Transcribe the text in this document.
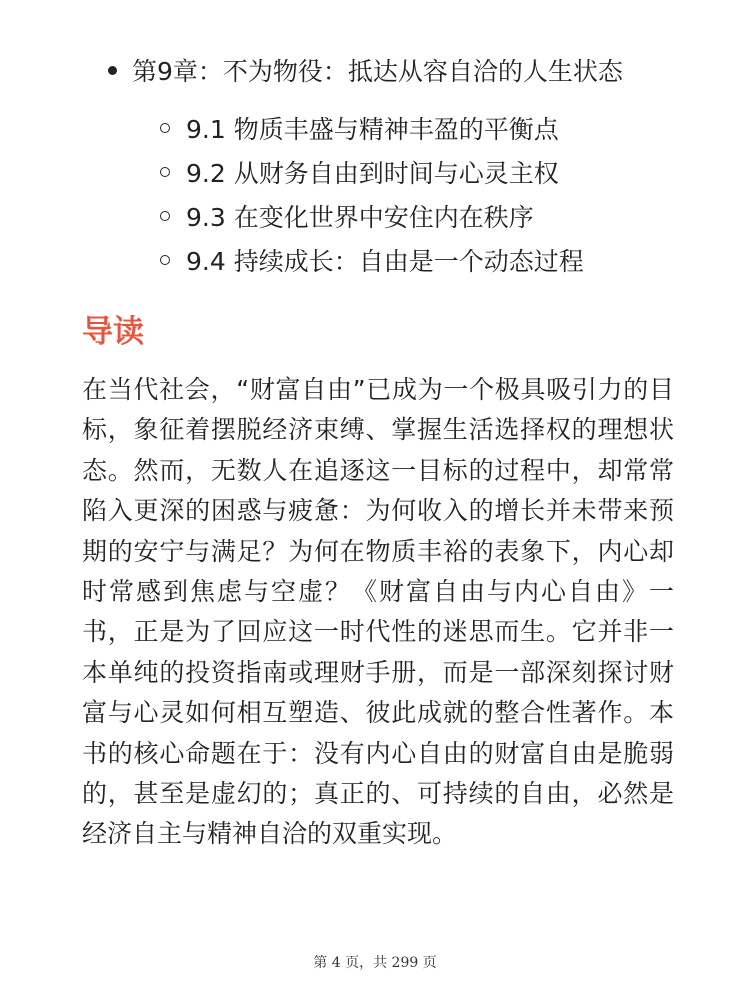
第9章：不为物役：抵达从容自洽的人生状态
9.1 物质丰盛与精神丰盈的平衡点
9.2 从财务自由到时间与心灵主权
9.3 在变化世界中安住内在秩序
9.4 持续成长：自由是一个动态过程
导读

在当代社会，“财富自由”已成为一个极具吸引力的目标，象征着摆脱经济束缚、掌握生活选择权的理想状态。然而，无数人在追逐这一目标的过程中，却常常陷入更深的困惑与疲惫：为何收入的增长并未带来预期的安宁与满足？为何在物质丰裕的表象下，内心却时常感到焦虑与空虚？《财富自由与内心自由》一书，正是为了回应这一时代性的迷思而生。它并非一本单纯的投资指南或理财手册，而是一部深刻探讨财富与心灵如何相互塑造、彼此成就的整合性著作。本书的核心命题在于：没有内心自由的财富自由是脆弱的，甚至是虚幻的；真正的、可持续的自由，必然是经济自主与精神自洽的双重实现。

第 4 页，共 299 页
